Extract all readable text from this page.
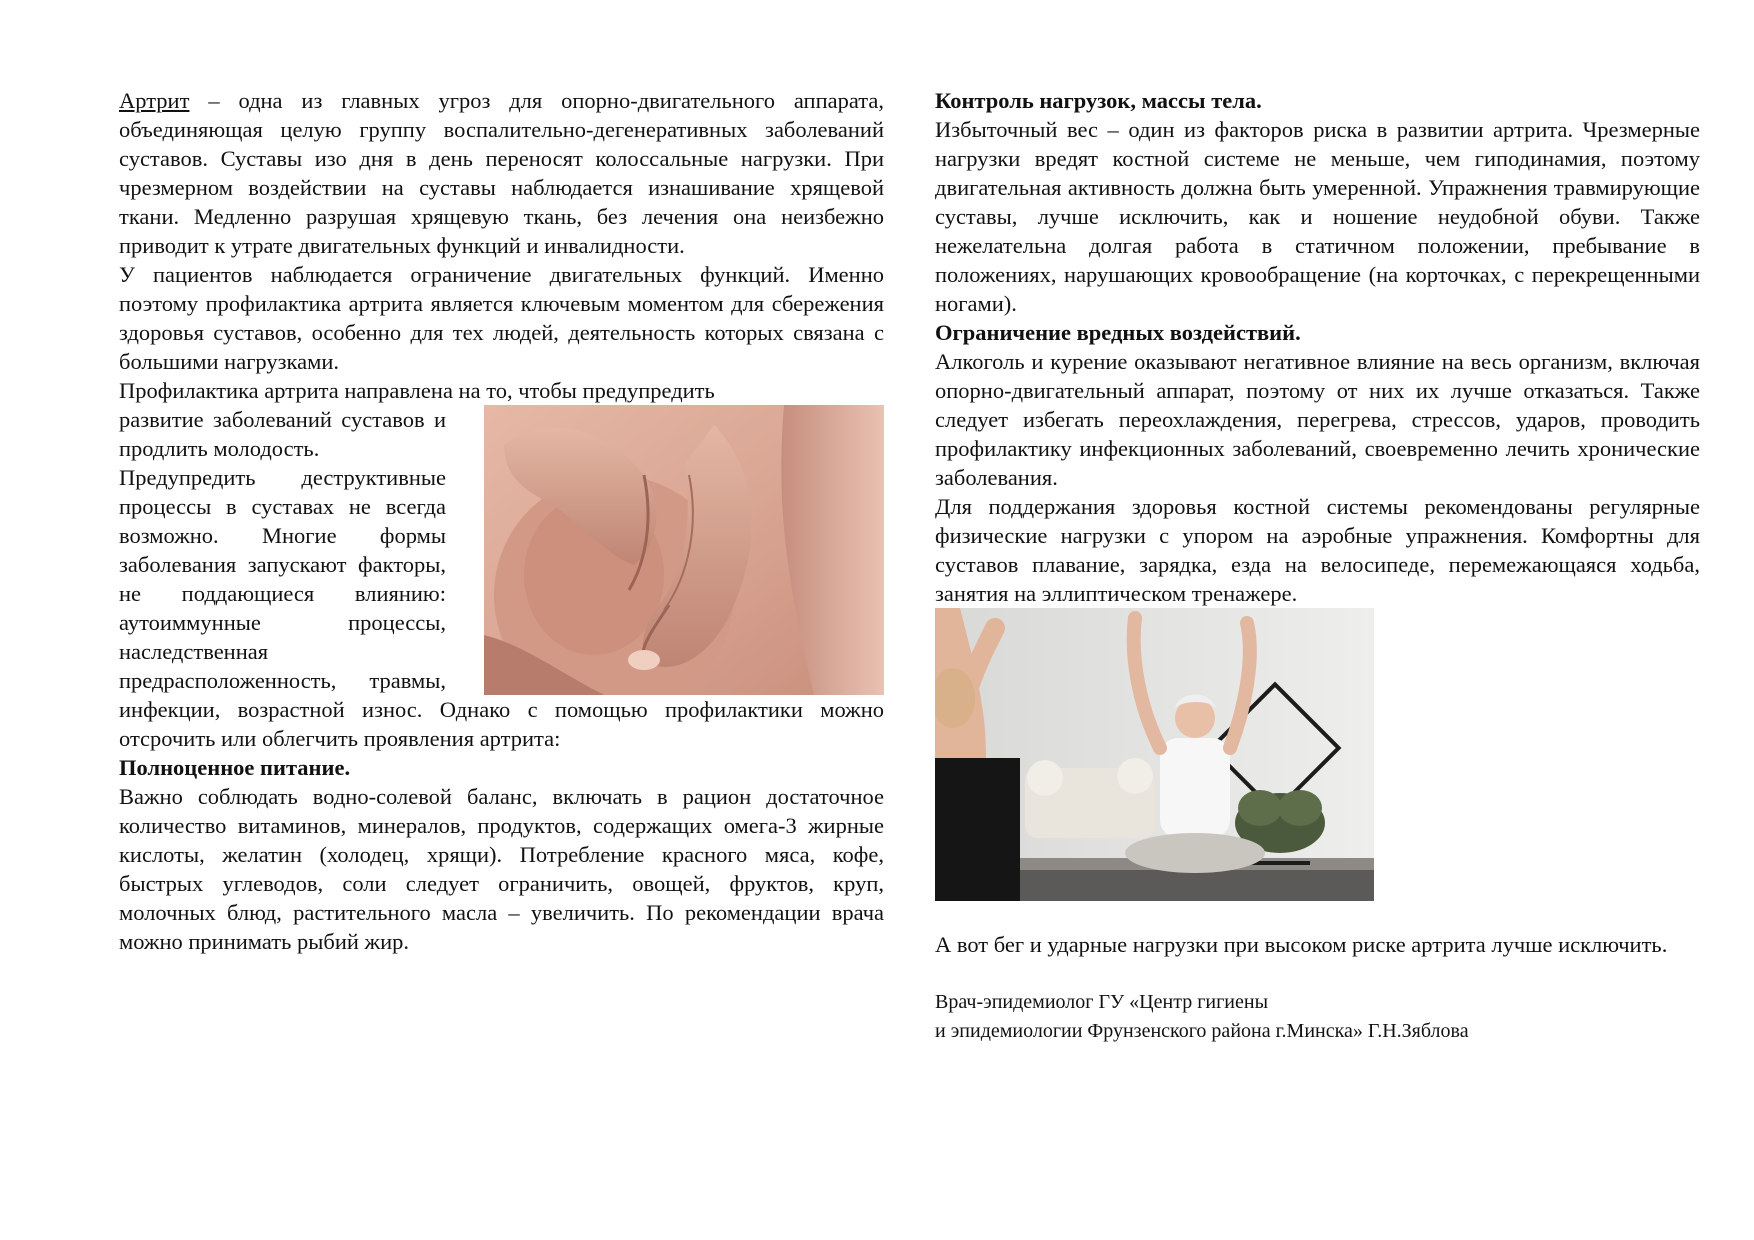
Артрит – одна из главных угроз для опорно-двигательного аппарата, объединяющая целую группу воспалительно-дегенеративных заболеваний суставов. Суставы изо дня в день переносят колоссальные нагрузки. При чрезмерном воздействии на суставы наблюдается изнашивание хрящевой ткани. Медленно разрушая хрящевую ткань, без лечения она неизбежно приводит к утрате двигательных функций и инвалидности.

У пациентов наблюдается ограничение двигательных функций. Именно поэтому профилактика артрита является ключевым моментом для сбережения здоровья суставов, особенно для тех людей, деятельность которых связана с большими нагрузками.

Профилактика артрита направлена на то, чтобы предупредить

развитие заболеваний суставов и продлить молодость.

Предупредить деструктивные процессы в суставах не всегда возможно. Многие формы заболевания запускают факторы, не поддающиеся влиянию: аутоиммунные процессы, наследственная предрасположенность, травмы, инфекции, возрастной износ. Однако с помощью профилактики можно отсрочить или облегчить проявления артрита:

Полноценное питание.

Важно соблюдать водно-солевой баланс, включать в рацион достаточное количество витаминов, минералов, продуктов, содержащих омега-3 жирные кислоты, желатин (холодец, хрящи). Потребление красного мяса, кофе, быстрых углеводов, соли следует ограничить, овощей, фруктов, круп, молочных блюд, растительного масла – увеличить. По рекомендации врача можно принимать рыбий жир.

Контроль нагрузок, массы тела.

Избыточный вес – один из факторов риска в развитии артрита. Чрезмерные нагрузки вредят костной системе не меньше, чем гиподинамия, поэтому двигательная активность должна быть умеренной. Упражнения травмирующие суставы, лучше исключить, как и ношение неудобной обуви. Также нежелательна долгая работа в статичном положении, пребывание в положениях, нарушающих кровообращение (на корточках, с перекрещенными ногами).

Ограничение вредных воздействий.

Алкоголь и курение оказывают негативное влияние на весь организм, включая опорно-двигательный аппарат, поэтому от них их лучше отказаться. Также следует избегать переохлаждения, перегрева, стрессов, ударов, проводить профилактику инфекционных заболеваний, своевременно лечить хронические заболевания.

Для поддержания здоровья костной системы рекомендованы регулярные физические нагрузки с упором на аэробные упражнения. Комфортны для суставов плавание, зарядка, езда на велосипеде, перемежающаяся ходьба, занятия на эллиптическом тренажере.

А вот бег и ударные нагрузки при высоком риске артрита лучше исключить.

Врач-эпидемиолог ГУ «Центр гигиены
и эпидемиологии Фрунзенского района г.Минска» Г.Н.Зяблова
